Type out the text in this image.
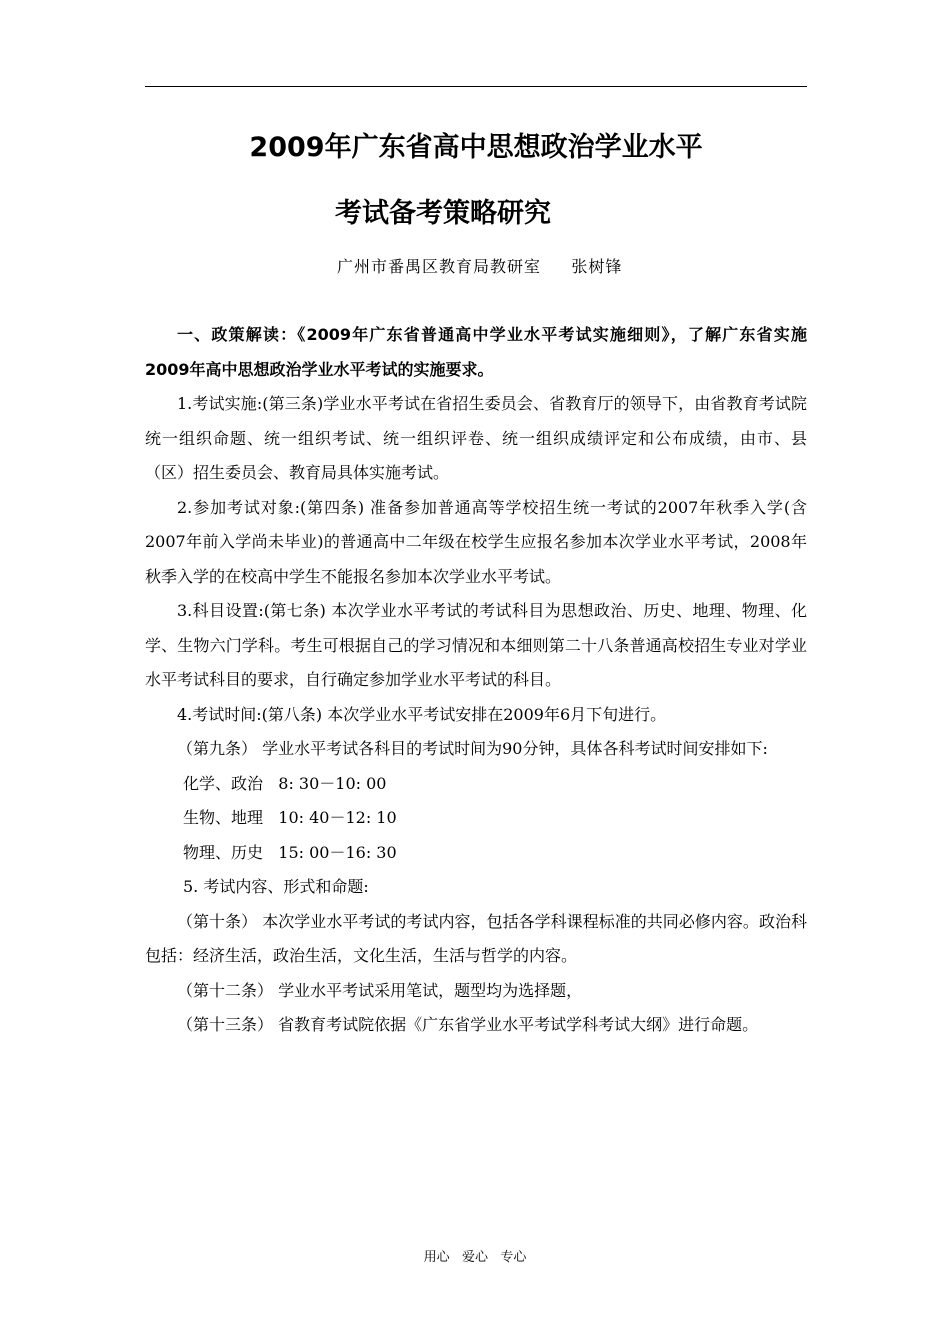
2009年广东省高中思想政治学业水平
考试备考策略研究
广州市番禺区教育局教研室     张树锋

一、政策解读：《2009年广东省普通高中学业水平考试实施细则》，了解广东省实施2009年高中思想政治学业水平考试的实施要求。

1.考试实施:(第三条)学业水平考试在省招生委员会、省教育厅的领导下，由省教育考试院统一组织命题、统一组织考试、统一组织评卷、统一组织成绩评定和公布成绩，由市、县（区）招生委员会、教育局具体实施考试。

2.参加考试对象:(第四条) 准备参加普通高等学校招生统一考试的2007年秋季入学(含2007年前入学尚未毕业)的普通高中二年级在校学生应报名参加本次学业水平考试，2008年秋季入学的在校高中学生不能报名参加本次学业水平考试。

3.科目设置:(第七条) 本次学业水平考试的考试科目为思想政治、历史、地理、物理、化学、生物六门学科。考生可根据自己的学习情况和本细则第二十八条普通高校招生专业对学业水平考试科目的要求，自行确定参加学业水平考试的科目。

4.考试时间:(第八条) 本次学业水平考试安排在2009年6月下旬进行。

（第九条） 学业水平考试各科目的考试时间为90分钟，具体各科考试时间安排如下:

化学、政治   8: 30－10: 00

生物、地理   10: 40－12: 10

物理、历史   15: 00－16: 30

5. 考试内容、形式和命题:

（第十条） 本次学业水平考试的考试内容，包括各学科课程标准的共同必修内容。政治科包括：经济生活，政治生活，文化生活，生活与哲学的内容。

（第十二条） 学业水平考试采用笔试，题型均为选择题，

（第十三条） 省教育考试院依据《广东省学业水平考试学科考试大纲》进行命题。

用心   爱心   专心
